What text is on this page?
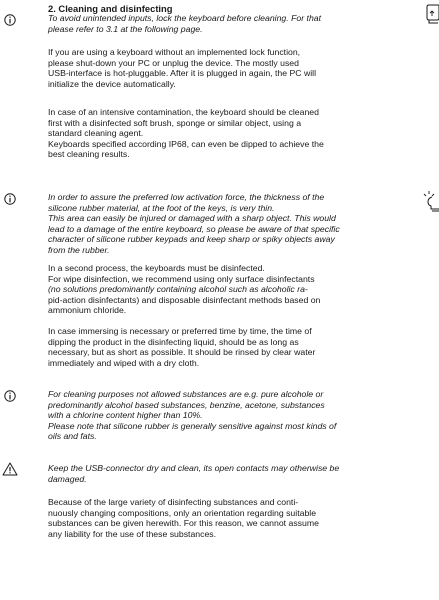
2. Cleaning and disinfecting
To avoid unintended inputs, lock the keyboard before cleaning. For that
please refer to 3.1 at the following page.
If you are using a keyboard without an implemented lock function,
please shut-down your PC or unplug the device. The mostly used
USB-interface is hot-pluggable. After it is plugged in again, the PC will
initialize the device automatically.
In case of an intensive contamination, the keyboard should be cleaned
first with a disinfected soft brush, sponge or similar object, using a
standard cleaning agent.
Keyboards specified according IP68, can even be dipped to achieve the
best cleaning results.
In order to assure the preferred low activation force, the thickness of the
silicone rubber material, at the foot of the keys, is very thin.
This area can easily be injured or damaged with a sharp object. This would
lead to a damage of the entire keyboard, so please be aware of that specific
character of silicone rubber keypads and keep sharp or spiky objects away
from the rubber.
In a second process, the keyboards must be disinfected.
For wipe disinfection, we recommend using only surface disinfectants
(no solutions predominantly containing alcohol such as alcoholic ra-
pid-action disinfectants) and disposable disinfectant methods based on
ammonium chloride.
In case immersing is necessary or preferred time by time, the time of
dipping the product in the disinfecting liquid, should be as long as
necessary, but as short as possible. It should be rinsed by clear water
immediately and wiped with a dry cloth.
For cleaning purposes not allowed substances are e.g. pure alcohole or
predominantly alcohol based substances, benzine, acetone, substances
with a chlorine content higher than 10%.
Please note that silicone rubber is generally sensitive against most kinds of
oils and fats.
Keep the USB-connector dry and clean, its open contacts may otherwise be
damaged.
Because of the large variety of disinfecting substances and conti-
nuously changing compositions, only an orientation regarding suitable
substances can be given herewith. For this reason, we cannot assume
any liability for the use of these substances.
